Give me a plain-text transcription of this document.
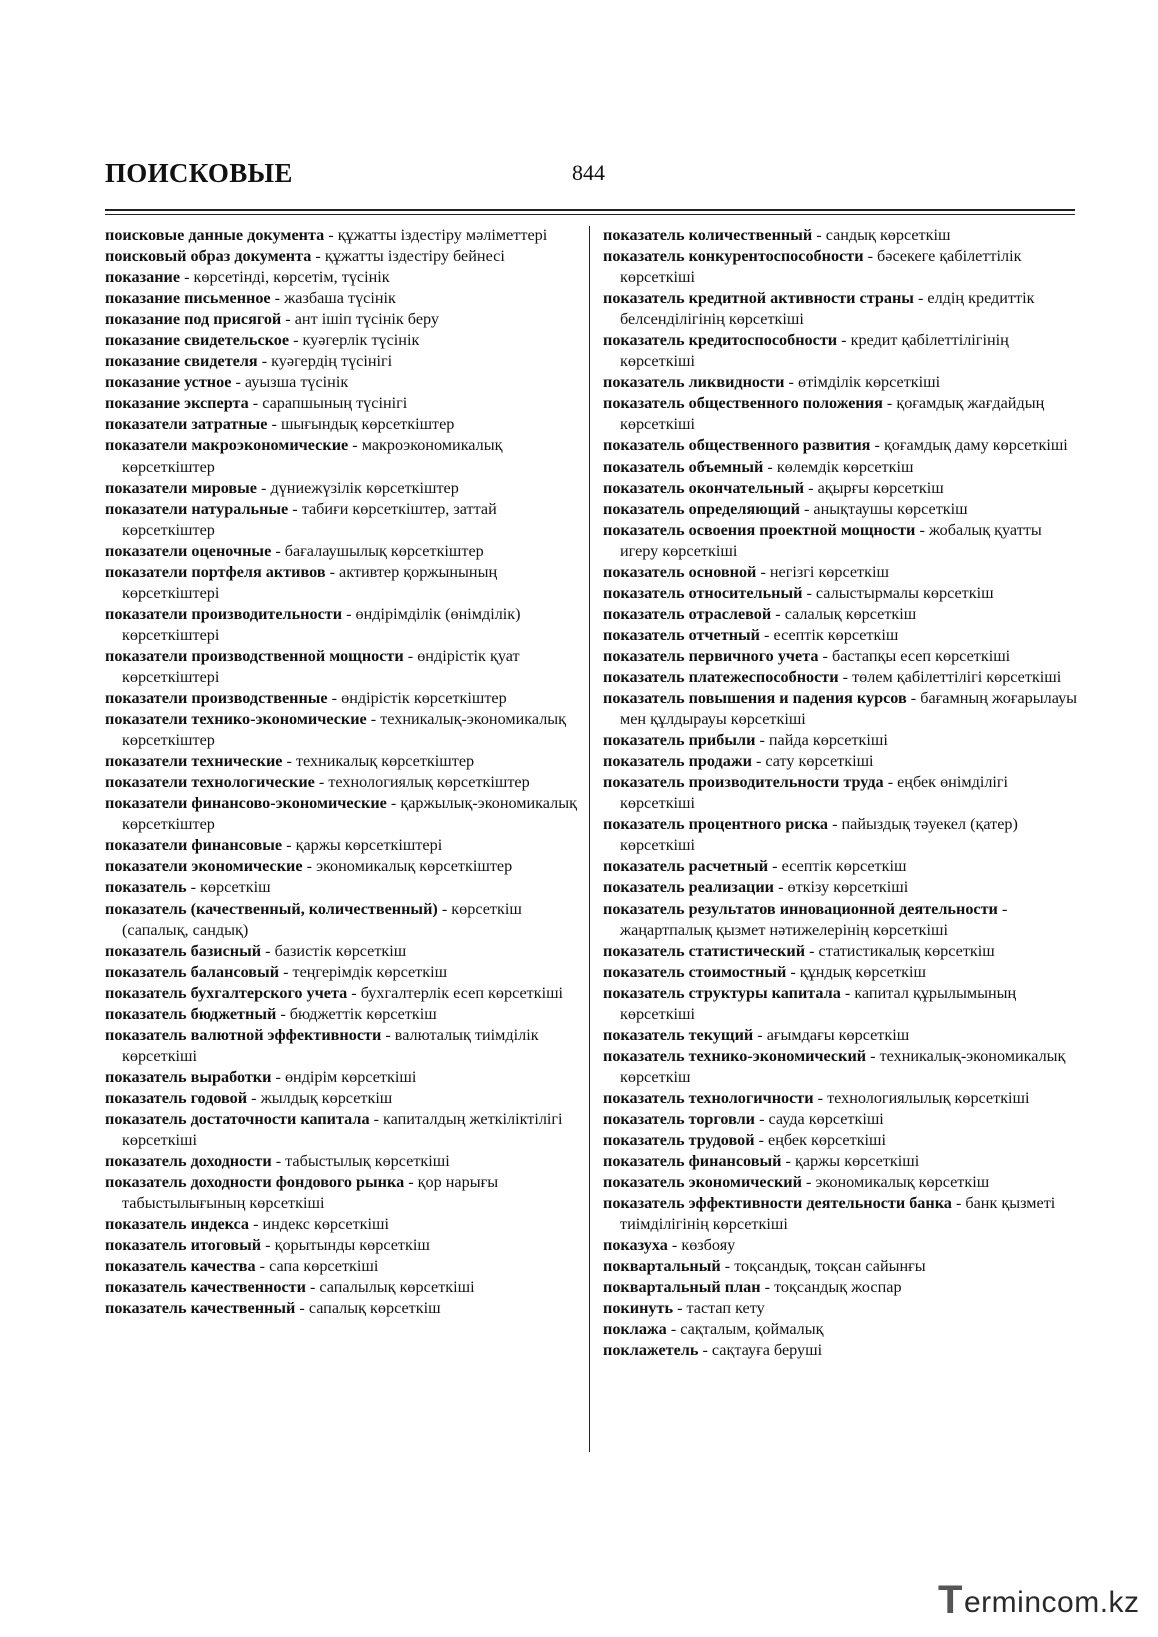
ПОИСКОВЫЕ	844

поисковые данные документа - құжатты іздестіру мәліметтері

поисковый образ документа - құжатты іздестіру бейнесі

показание - көрсетінді, көрсетім, түсінік

показание письменное - жазбаша түсінік

показание под присягой - ант ішіп түсінік беру

показание свидетельское - куәгерлік түсінік

показание свидетеля - куәгердің түсінігі

показание устное - ауызша түсінік

показание эксперта - сарапшының түсінігі

показатели затратные - шығындық көрсеткіштер

показатели макроэкономические - макроэкономикалық көрсеткіштер

показатели мировые - дүниежүзілік көрсеткіштер

показатели натуральные - табиғи көрсеткіштер, заттай көрсеткіштер

показатели оценочные - бағалаушылық көрсеткіштер

показатели портфеля активов - активтер қоржынының көрсеткіштері

показатели производительности - өндірімділік (өнімділік) көрсеткіштері

показатели производственной мощности - өндірістік қуат көрсеткіштері

показатели производственные - өндірістік көрсеткіштер

показатели технико-экономические - техникалық-экономикалық көрсеткіштер

показатели технические - техникалық көрсеткіштер

показатели технологические - технологиялық көрсеткіштер

показатели финансово-экономические - қаржылық-экономикалық көрсеткіштер

показатели финансовые - қаржы көрсеткіштері

показатели экономические - экономикалық көрсеткіштер

показатель - көрсеткіш

показатель (качественный, количественный) - көрсеткіш (сапалық, сандық)

показатель базисный - базистік көрсеткіш

показатель балансовый - теңгерімдік көрсеткіш

показатель бухгалтерского учета - бухгалтерлік есеп көрсеткіші

показатель бюджетный - бюджеттік көрсеткіш

показатель валютной эффективности - валюталық тиімділік көрсеткіші

показатель выработки - өндірім көрсеткіші

показатель годовой - жылдық көрсеткіш

показатель достаточности капитала - капиталдың жеткіліктілігі көрсеткіші

показатель доходности - табыстылық көрсеткіші

показатель доходности фондового рынка - қор нарығы табыстылығының көрсеткіші

показатель индекса - индекс көрсеткіші

показатель итоговый - қорытынды көрсеткіш

показатель качества - сапа көрсеткіші

показатель качественности - сапалылық көрсеткіші

показатель качественный - сапалық көрсеткіш

показатель количественный - сандық көрсеткіш

показатель конкурентоспособности - бәсекеге қабілеттілік көрсеткіші

показатель кредитной активности страны - елдің кредиттік белсенділігінің көрсеткіші

показатель кредитоспособности - кредит қабілеттілігінің көрсеткіші

показатель ликвидности - өтімділік көрсеткіші

показатель общественного положения - қоғамдық жағдайдың көрсеткіші

показатель общественного развития - қоғамдық даму көрсеткіші

показатель объемный - көлемдік көрсеткіш

показатель окончательный - ақырғы көрсеткіш

показатель определяющий - анықтаушы көрсеткіш

показатель освоения проектной мощности - жобалық қуатты игеру көрсеткіші

показатель основной - негізгі көрсеткіш

показатель относительный - салыстырмалы көрсеткіш

показатель отраслевой - салалық көрсеткіш

показатель отчетный - есептік көрсеткіш

показатель первичного учета - бастапқы есеп көрсеткіші

показатель платежеспособности - төлем қабілеттілігі көрсеткіші

показатель повышения и падения курсов - бағамның жоғарылауы мен құлдырауы көрсеткіші

показатель прибыли - пайда көрсеткіші

показатель продажи - сату көрсеткіші

показатель производительности труда - еңбек өнімділігі көрсеткіші

показатель процентного риска - пайыздық тәуекел (қатер) көрсеткіші

показатель расчетный - есептік көрсеткіш

показатель реализации - өткізу көрсеткіші

показатель результатов инновационной деятельности - жаңартпалық қызмет нәтижелерінің көрсеткіші

показатель статистический - статистикалық көрсеткіш

показатель стоимостный - құндық көрсеткіш

показатель структуры капитала - капитал құрылымының көрсеткіші

показатель текущий - ағымдағы көрсеткіш

показатель технико-экономический - техникалық-экономикалық көрсеткіш

показатель технологичности - технологиялылық көрсеткіші

показатель торговли - сауда көрсеткіші

показатель трудовой - еңбек көрсеткіші

показатель финансовый - қаржы көрсеткіші

показатель экономический - экономикалық көрсеткіш

показатель эффективности деятельности банка - банк қызметі тиімділігінің көрсеткіші

показуха - көзбояу

поквартальный - тоқсандық, тоқсан сайынғы

поквартальный план - тоқсандық жоспар

покинуть - тастап кету

поклажа - сақталым, қоймалық

поклажетель - сақтауға беруші

T ermincom.kz
